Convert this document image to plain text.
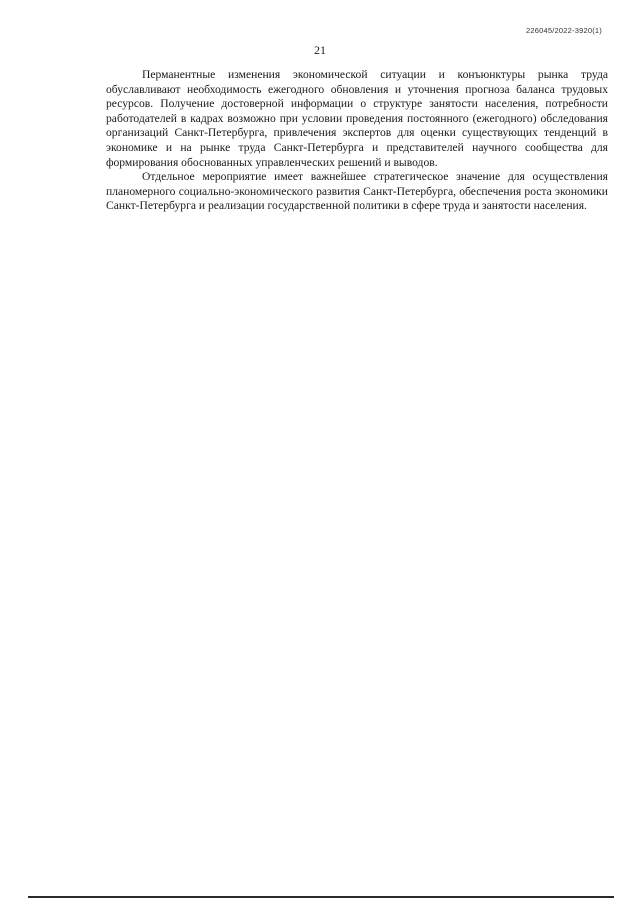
226045/2022-3920(1)
21

Перманентные изменения экономической ситуации и конъюнктуры рынка труда обуславливают необходимость ежегодного обновления и уточнения прогноза баланса трудовых ресурсов. Получение достоверной информации о структуре занятости населения, потребности работодателей в кадрах возможно при условии проведения постоянного (ежегодного) обследования организаций Санкт-Петербурга, привлечения экспертов для оценки существующих тенденций в экономике и на рынке труда Санкт-Петербурга и представителей научного сообщества для формирования обоснованных управленческих решений и выводов.

Отдельное мероприятие имеет важнейшее стратегическое значение для осуществления планомерного социально-экономического развития Санкт-Петербурга, обеспечения роста экономики Санкт-Петербурга и реализации государственной политики в сфере труда и занятости населения.
